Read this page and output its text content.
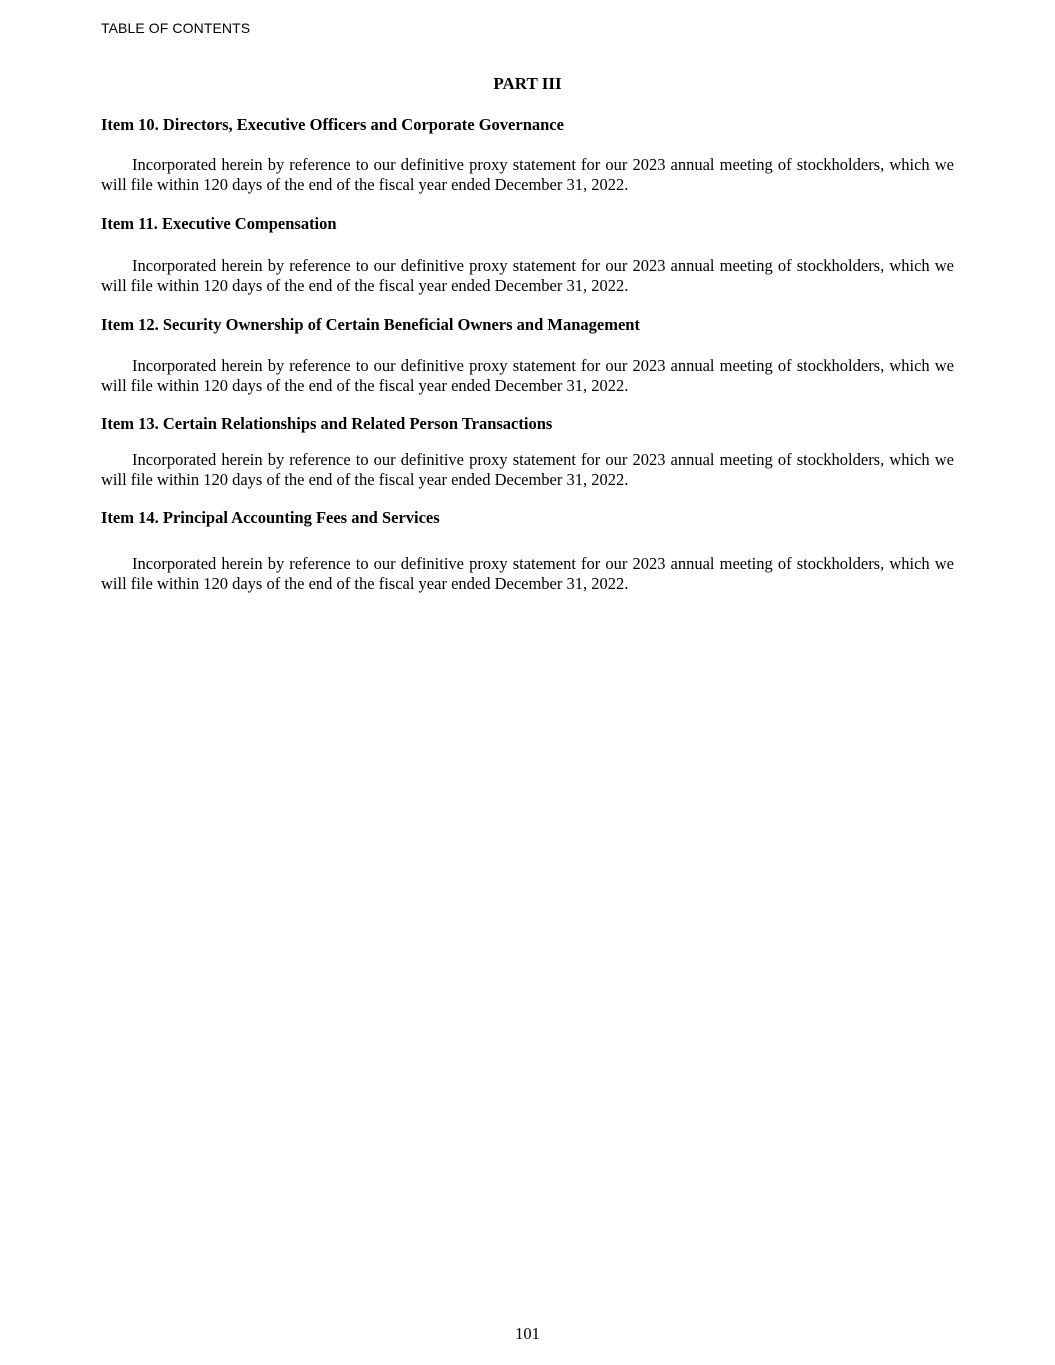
TABLE OF CONTENTS
PART III
Item 10. Directors, Executive Officers and Corporate Governance

Incorporated herein by reference to our definitive proxy statement for our 2023 annual meeting of stockholders, which we will file within 120 days of the end of the fiscal year ended December 31, 2022.

Item 11. Executive Compensation

Incorporated herein by reference to our definitive proxy statement for our 2023 annual meeting of stockholders, which we will file within 120 days of the end of the fiscal year ended December 31, 2022.

Item 12. Security Ownership of Certain Beneficial Owners and Management

Incorporated herein by reference to our definitive proxy statement for our 2023 annual meeting of stockholders, which we will file within 120 days of the end of the fiscal year ended December 31, 2022.

Item 13. Certain Relationships and Related Person Transactions

Incorporated herein by reference to our definitive proxy statement for our 2023 annual meeting of stockholders, which we will file within 120 days of the end of the fiscal year ended December 31, 2022.

Item 14. Principal Accounting Fees and Services

Incorporated herein by reference to our definitive proxy statement for our 2023 annual meeting of stockholders, which we will file within 120 days of the end of the fiscal year ended December 31, 2022.

101
